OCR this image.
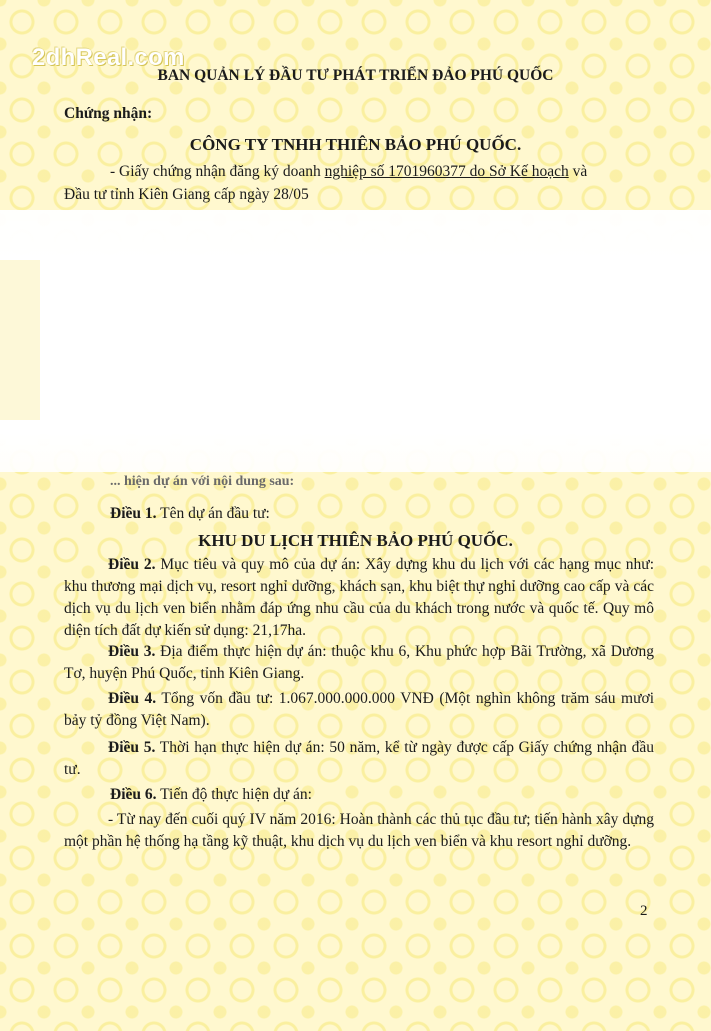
2dhReal.com
BAN QUẢN LÝ ĐẦU TƯ PHÁT TRIỂN ĐẢO PHÚ QUỐC
Chứng nhận:
CÔNG TY TNHH THIÊN BẢO PHÚ QUỐC.
- Giấy chứng nhận đăng ký doanh nghiệp số 1701960377 do Sở Kế hoạch và
Đầu tư tỉnh Kiên Giang cấp ngày 28/05
... hiện dự án với nội dung sau:
Điều 1. Tên dự án đầu tư:
KHU DU LỊCH THIÊN BẢO PHÚ QUỐC.
Điều 2. Mục tiêu và quy mô của dự án: Xây dựng khu du lịch với các hạng mục như: khu thương mại dịch vụ, resort nghỉ dưỡng, khách sạn, khu biệt thự nghỉ dưỡng cao cấp và các dịch vụ du lịch ven biển nhằm đáp ứng nhu cầu của du khách trong nước và quốc tế. Quy mô diện tích đất dự kiến sử dụng: 21,17ha.
Điều 3. Địa điểm thực hiện dự án: thuộc khu 6, Khu phức hợp Bãi Trường, xã Dương Tơ, huyện Phú Quốc, tỉnh Kiên Giang.
Điều 4. Tổng vốn đầu tư: 1.067.000.000.000 VNĐ (Một nghìn không trăm sáu mươi bảy tỷ đồng Việt Nam).
Điều 5. Thời hạn thực hiện dự án: 50 năm, kể từ ngày được cấp Giấy chứng nhận đầu tư.
Điều 6. Tiến độ thực hiện dự án:
- Từ nay đến cuối quý IV năm 2016: Hoàn thành các thủ tục đầu tư; tiến hành xây dựng một phần hệ thống hạ tầng kỹ thuật, khu dịch vụ du lịch ven biển và khu resort nghỉ dưỡng.
2
